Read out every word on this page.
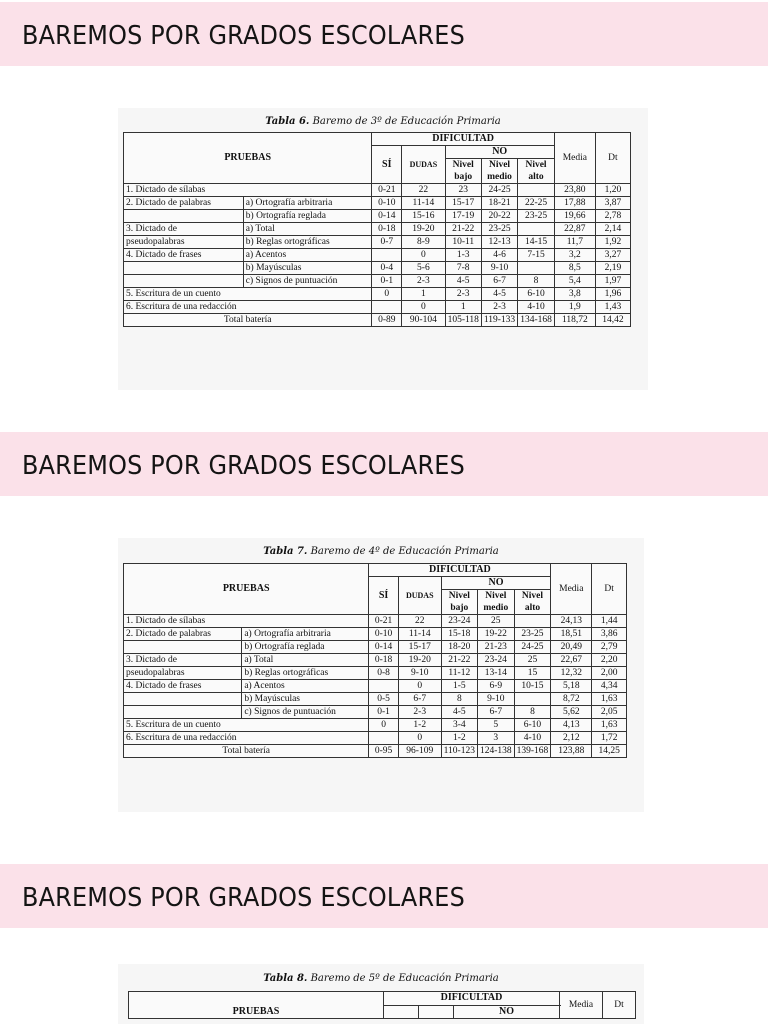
BAREMOS POR GRADOS ESCOLARES
Tabla 6. Baremo de 3º de Educación Primaria
PRUEBAS		DIFICULTAD					Media	Dt
		SÍ	DUDAS	NO				
				Nivel bajo	Nivel medio	Nivel alto		
1. Dictado de sílabas		0-21	22	23	24-25		23,80	1,20
2. Dictado de palabras	a) Ortografía arbitraria	0-10	11-14	15-17	18-21	22-25	17,88	3,87
	b) Ortografía reglada	0-14	15-16	17-19	20-22	23-25	19,66	2,78
3. Dictado de	a) Total	0-18	19-20	21-22	23-25		22,87	2,14
pseudopalabras	b) Reglas ortográficas	0-7	8-9	10-11	12-13	14-15	11,7	1,92
4. Dictado de frases	a) Acentos		0	1-3	4-6	7-15	3,2	3,27
	b) Mayúsculas	0-4	5-6	7-8	9-10		8,5	2,19
	c) Signos de puntuación	0-1	2-3	4-5	6-7	8	5,4	1,97
5. Escritura de un cuento		0	1	2-3	4-5	6-10	3,8	1,96
6. Escritura de una redacción			0	1	2-3	4-10	1,9	1,43
Total batería		0-89	90-104	105-118	119-133	134-168	118,72	14,42
BAREMOS POR GRADOS ESCOLARES
Tabla 7. Baremo de 4º de Educación Primaria
PRUEBAS		DIFICULTAD					Media	Dt
		SÍ	DUDAS	NO				
				Nivel bajo	Nivel medio	Nivel alto		
1. Dictado de sílabas		0-21	22	23-24	25		24,13	1,44
2. Dictado de palabras	a) Ortografía arbitraria	0-10	11-14	15-18	19-22	23-25	18,51	3,86
	b) Ortografía reglada	0-14	15-17	18-20	21-23	24-25	20,49	2,79
3. Dictado de	a) Total	0-18	19-20	21-22	23-24	25	22,67	2,20
pseudopalabras	b) Reglas ortográficas	0-8	9-10	11-12	13-14	15	12,32	2,00
4. Dictado de frases	a) Acentos		0	1-5	6-9	10-15	5,18	4,34
	b) Mayúsculas	0-5	6-7	8	9-10		8,72	1,63
	c) Signos de puntuación	0-1	2-3	4-5	6-7	8	5,62	2,05
5. Escritura de un cuento		0	1-2	3-4	5	6-10	4,13	1,63
6. Escritura de una redacción			0	1-2	3	4-10	2,12	1,72
Total batería		0-95	96-109	110-123	124-138	139-168	123,88	14,25
BAREMOS POR GRADOS ESCOLARES
Tabla 8. Baremo de 5º de Educación Primaria
PRUEBAS	DIFICULTAD			Media	Dt
			NO		
